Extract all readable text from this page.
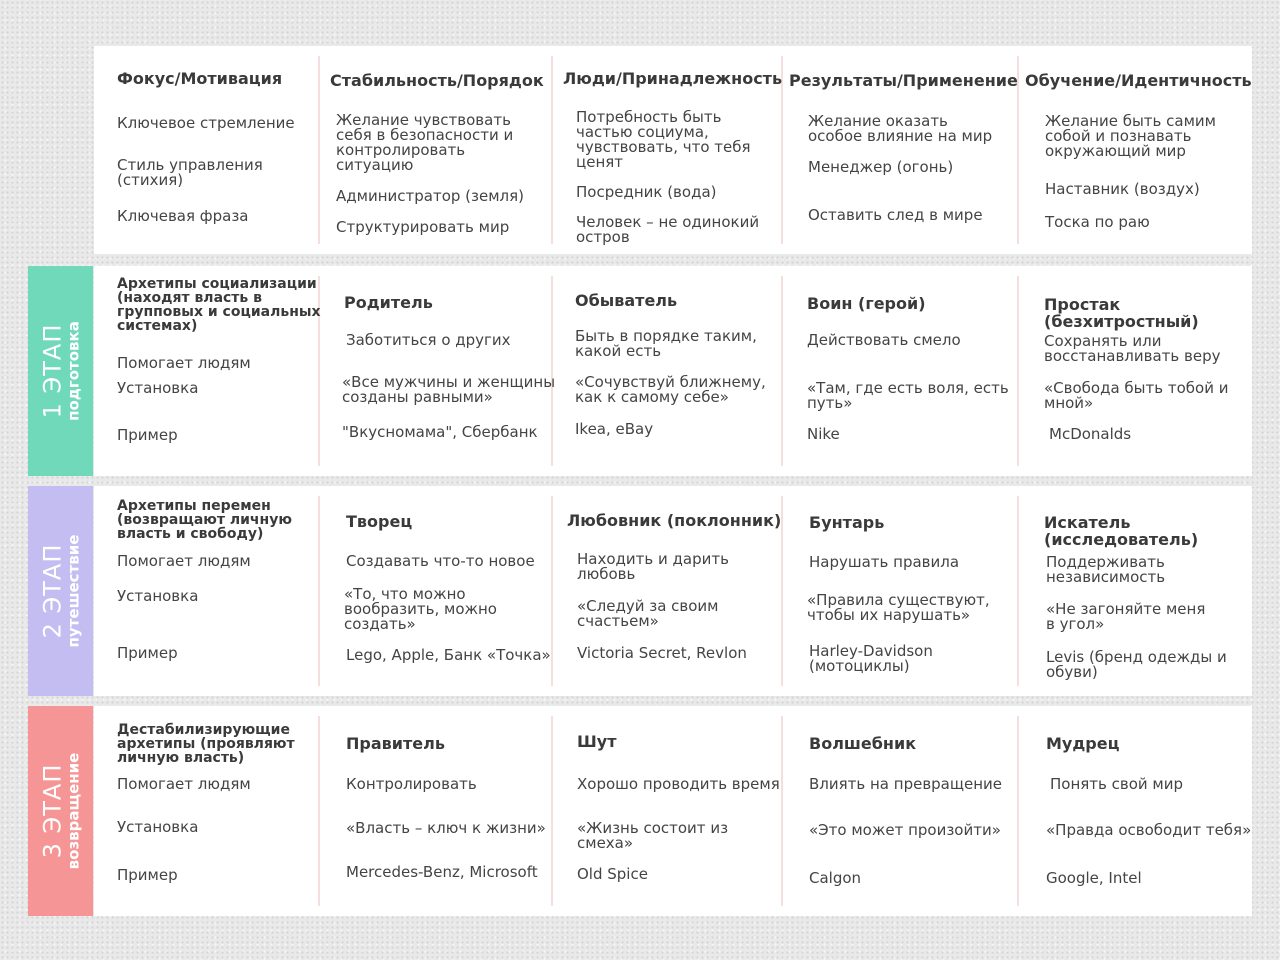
1 ЭТАП
подготовка
2 ЭТАП
путешествие
3 ЭТАП
возвращение
Фокус/Мотивация
Ключевое стремление
Стиль управления
(стихия)
Ключевая фраза
Стабильность/Порядок
Желание чувствовать
себя в безопасности и
контролировать
ситуацию
Администратор (земля)
Структурировать мир
Люди/Принадлежность
Потребность быть
частью социума,
чувствовать, что тебя
ценят
Посредник (вода)
Человек – не одинокий
остров
Результаты/Применение
Желание оказать
особое влияние на мир
Менеджер (огонь)
Оставить след в мире
Обучение/Идентичность
Желание быть самим
собой и познавать
окружающий мир
Наставник (воздух)
Тоска по раю
Архетипы социализации
(находят власть в
групповых и социальных
системах)
Помогает людям
Установка
Пример
Родитель
Заботиться о других
«Все мужчины и женщины
созданы равными»
"Вкусномама", Сбербанк
Обыватель
Быть в порядке таким,
какой есть
«Сочувствуй ближнему,
как к самому себе»
Ikea, eBay
Воин (герой)
Действовать смело
«Там, где есть воля, есть
путь»
Nike
Простак
(безхитростный)
Сохранять или
восстанавливать веру
«Свобода быть тобой и
мной»
McDonalds
Архетипы перемен
(возвращают личную
власть и свободу)
Помогает людям
Установка
Пример
Творец
Создавать что-то новое
«То, что можно
вообразить, можно
создать»
Lego, Apple, Банк «Точка»
Любовник (поклонник)
Находить и дарить
любовь
«Следуй за своим
счастьем»
Victoria Secret, Revlon
Бунтарь
Нарушать правила
«Правила существуют,
чтобы их нарушать»
Harley-Davidson
(мотоциклы)
Искатель
(исследователь)
Поддерживать
независимость
«Не загоняйте меня
в угол»
Levis (бренд одежды и
обуви)
Дестабилизирующие
архетипы (проявляют
личную власть)
Помогает людям
Установка
Пример
Правитель
Контролировать
«Власть – ключ к жизни»
Mercedes-Benz, Microsoft
Шут
Хорошо проводить время
«Жизнь состоит из
смеха»
Old Spice
Волшебник
Влиять на превращение
«Это может произойти»
Calgon
Мудрец
Понять свой мир
«Правда освободит тебя»
Google, Intel
